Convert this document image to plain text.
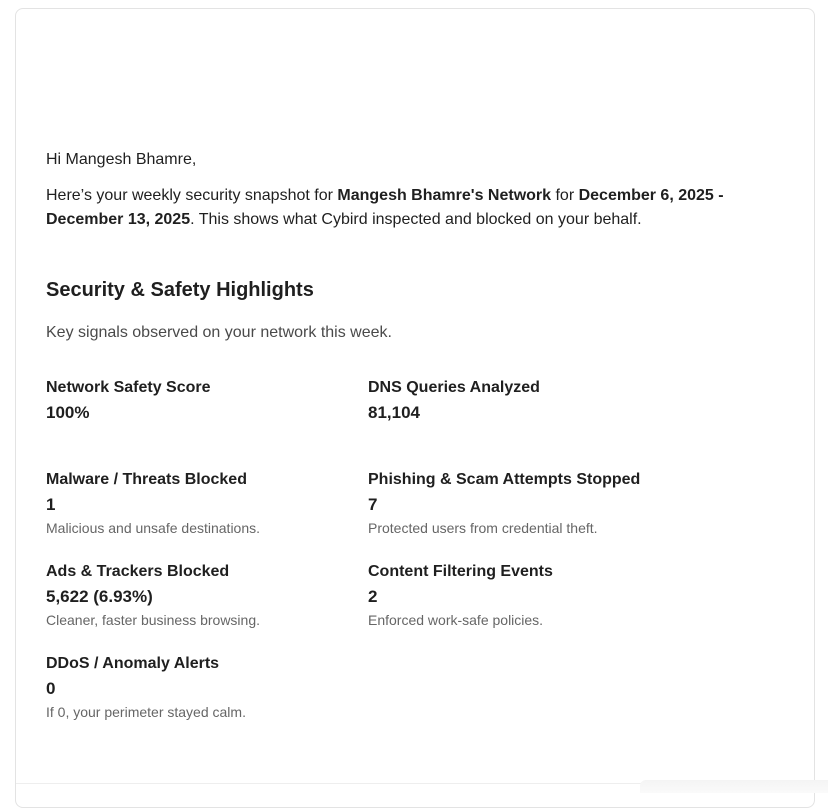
Hi Mangesh Bhamre,

Here’s your weekly security snapshot for Mangesh Bhamre's Network for December 6, 2025 - December 13, 2025. This shows what Cybird inspected and blocked on your behalf.

Security & Safety Highlights

Key signals observed on your network this week.

Network Safety Score
100%
DNS Queries Analyzed
81,104
Malware / Threats Blocked
1
Malicious and unsafe destinations.
Phishing & Scam Attempts Stopped
7
Protected users from credential theft.
Ads & Trackers Blocked
5,622 (6.93%)
Cleaner, faster business browsing.
Content Filtering Events
2
Enforced work-safe policies.
DDoS / Anomaly Alerts
0
If 0, your perimeter stayed calm.
